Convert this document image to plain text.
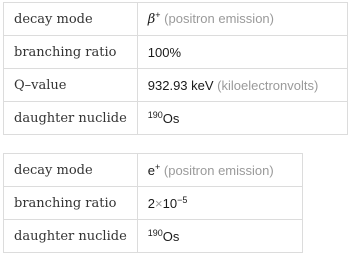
decay mode	β+ (positron emission)
branching ratio	100%
Q–value	932.93 keV (kiloelectronvolts)
daughter nuclide	$^{190}$Os
decay mode	e+ (positron emission)
branching ratio	$2\times 10^{-5}$
daughter nuclide	$^{190}$Os
